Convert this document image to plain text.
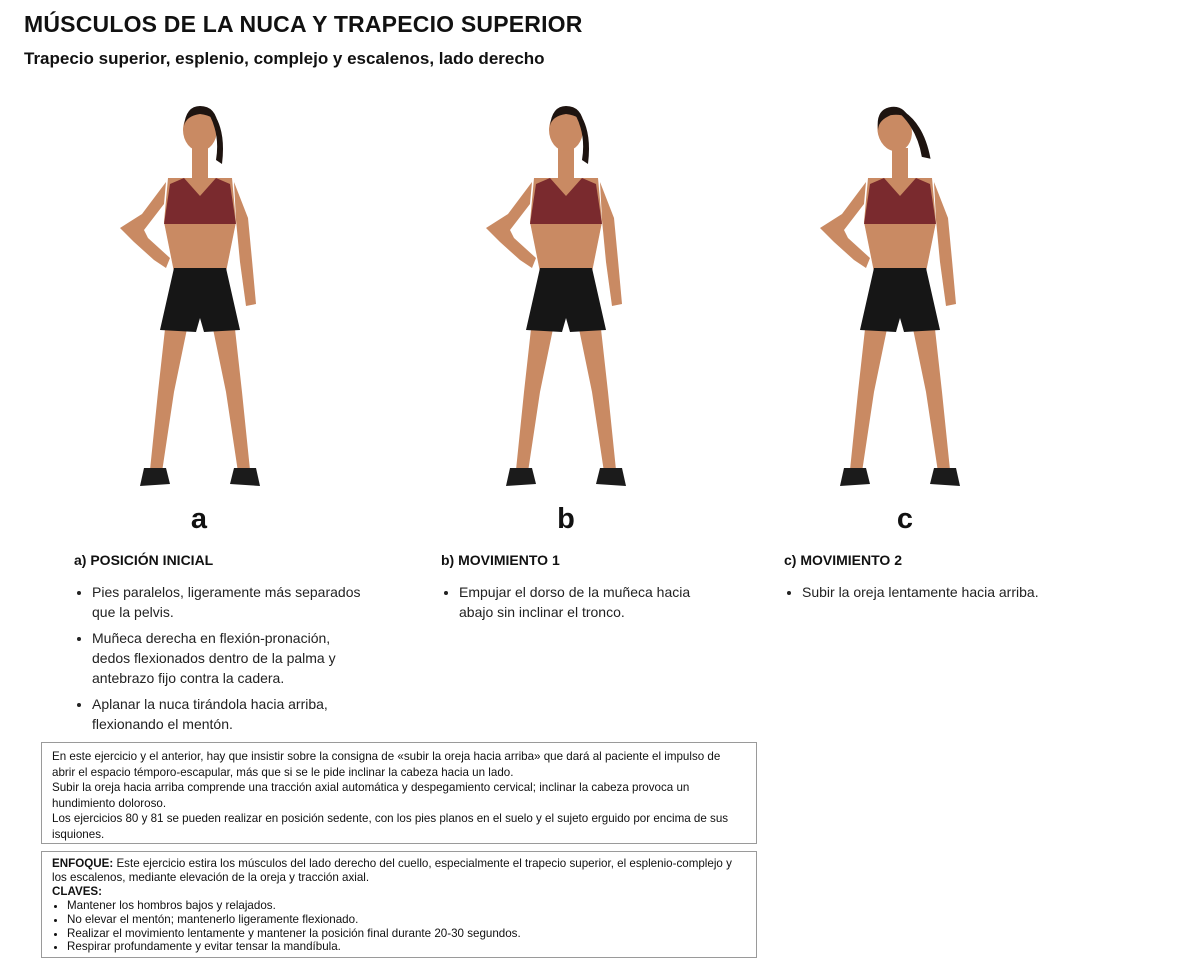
MÚSCULOS DE LA NUCA Y TRAPECIO SUPERIOR
Trapecio superior, esplenio, complejo y escalenos, lado derecho
a	b	c
a) POSICIÓN INICIAL
• Pies paralelos, ligeramente más separados que la pelvis.
• Muñeca derecha en flexión-pronación, dedos flexionados dentro de la palma y antebrazo fijo contra la cadera.
• Aplanar la nuca tirándola hacia arriba, flexionando el mentón.
b) MOVIMIENTO 1
• Empujar el dorso de la muñeca hacia abajo sin inclinar el tronco.
c) MOVIMIENTO 2
• Subir la oreja lentamente hacia arriba.

En este ejercicio y el anterior, hay que insistir sobre la consigna de «subir la oreja hacia arriba» que dará al paciente el impulso de abrir el espacio témporo-escapular, más que si se le pide inclinar la cabeza hacia un lado.

Subir la oreja hacia arriba comprende una tracción axial automática y despegamiento cervical; inclinar la cabeza provoca un hundimiento doloroso.

Los ejercicios 80 y 81 se pueden realizar en posición sedente, con los pies planos en el suelo y el sujeto erguido por encima de sus isquiones.

ENFOQUE: Este ejercicio estira los músculos del lado derecho del cuello, especialmente el trapecio superior, el esplenio-complejo y los escalenos, mediante elevación de la oreja y tracción axial.

CLAVES:

• Mantener los hombros bajos y relajados.
• No elevar el mentón; mantenerlo ligeramente flexionado.
• Realizar el movimiento lentamente y mantener la posición final durante 20-30 segundos.
• Respirar profundamente y evitar tensar la mandíbula.
